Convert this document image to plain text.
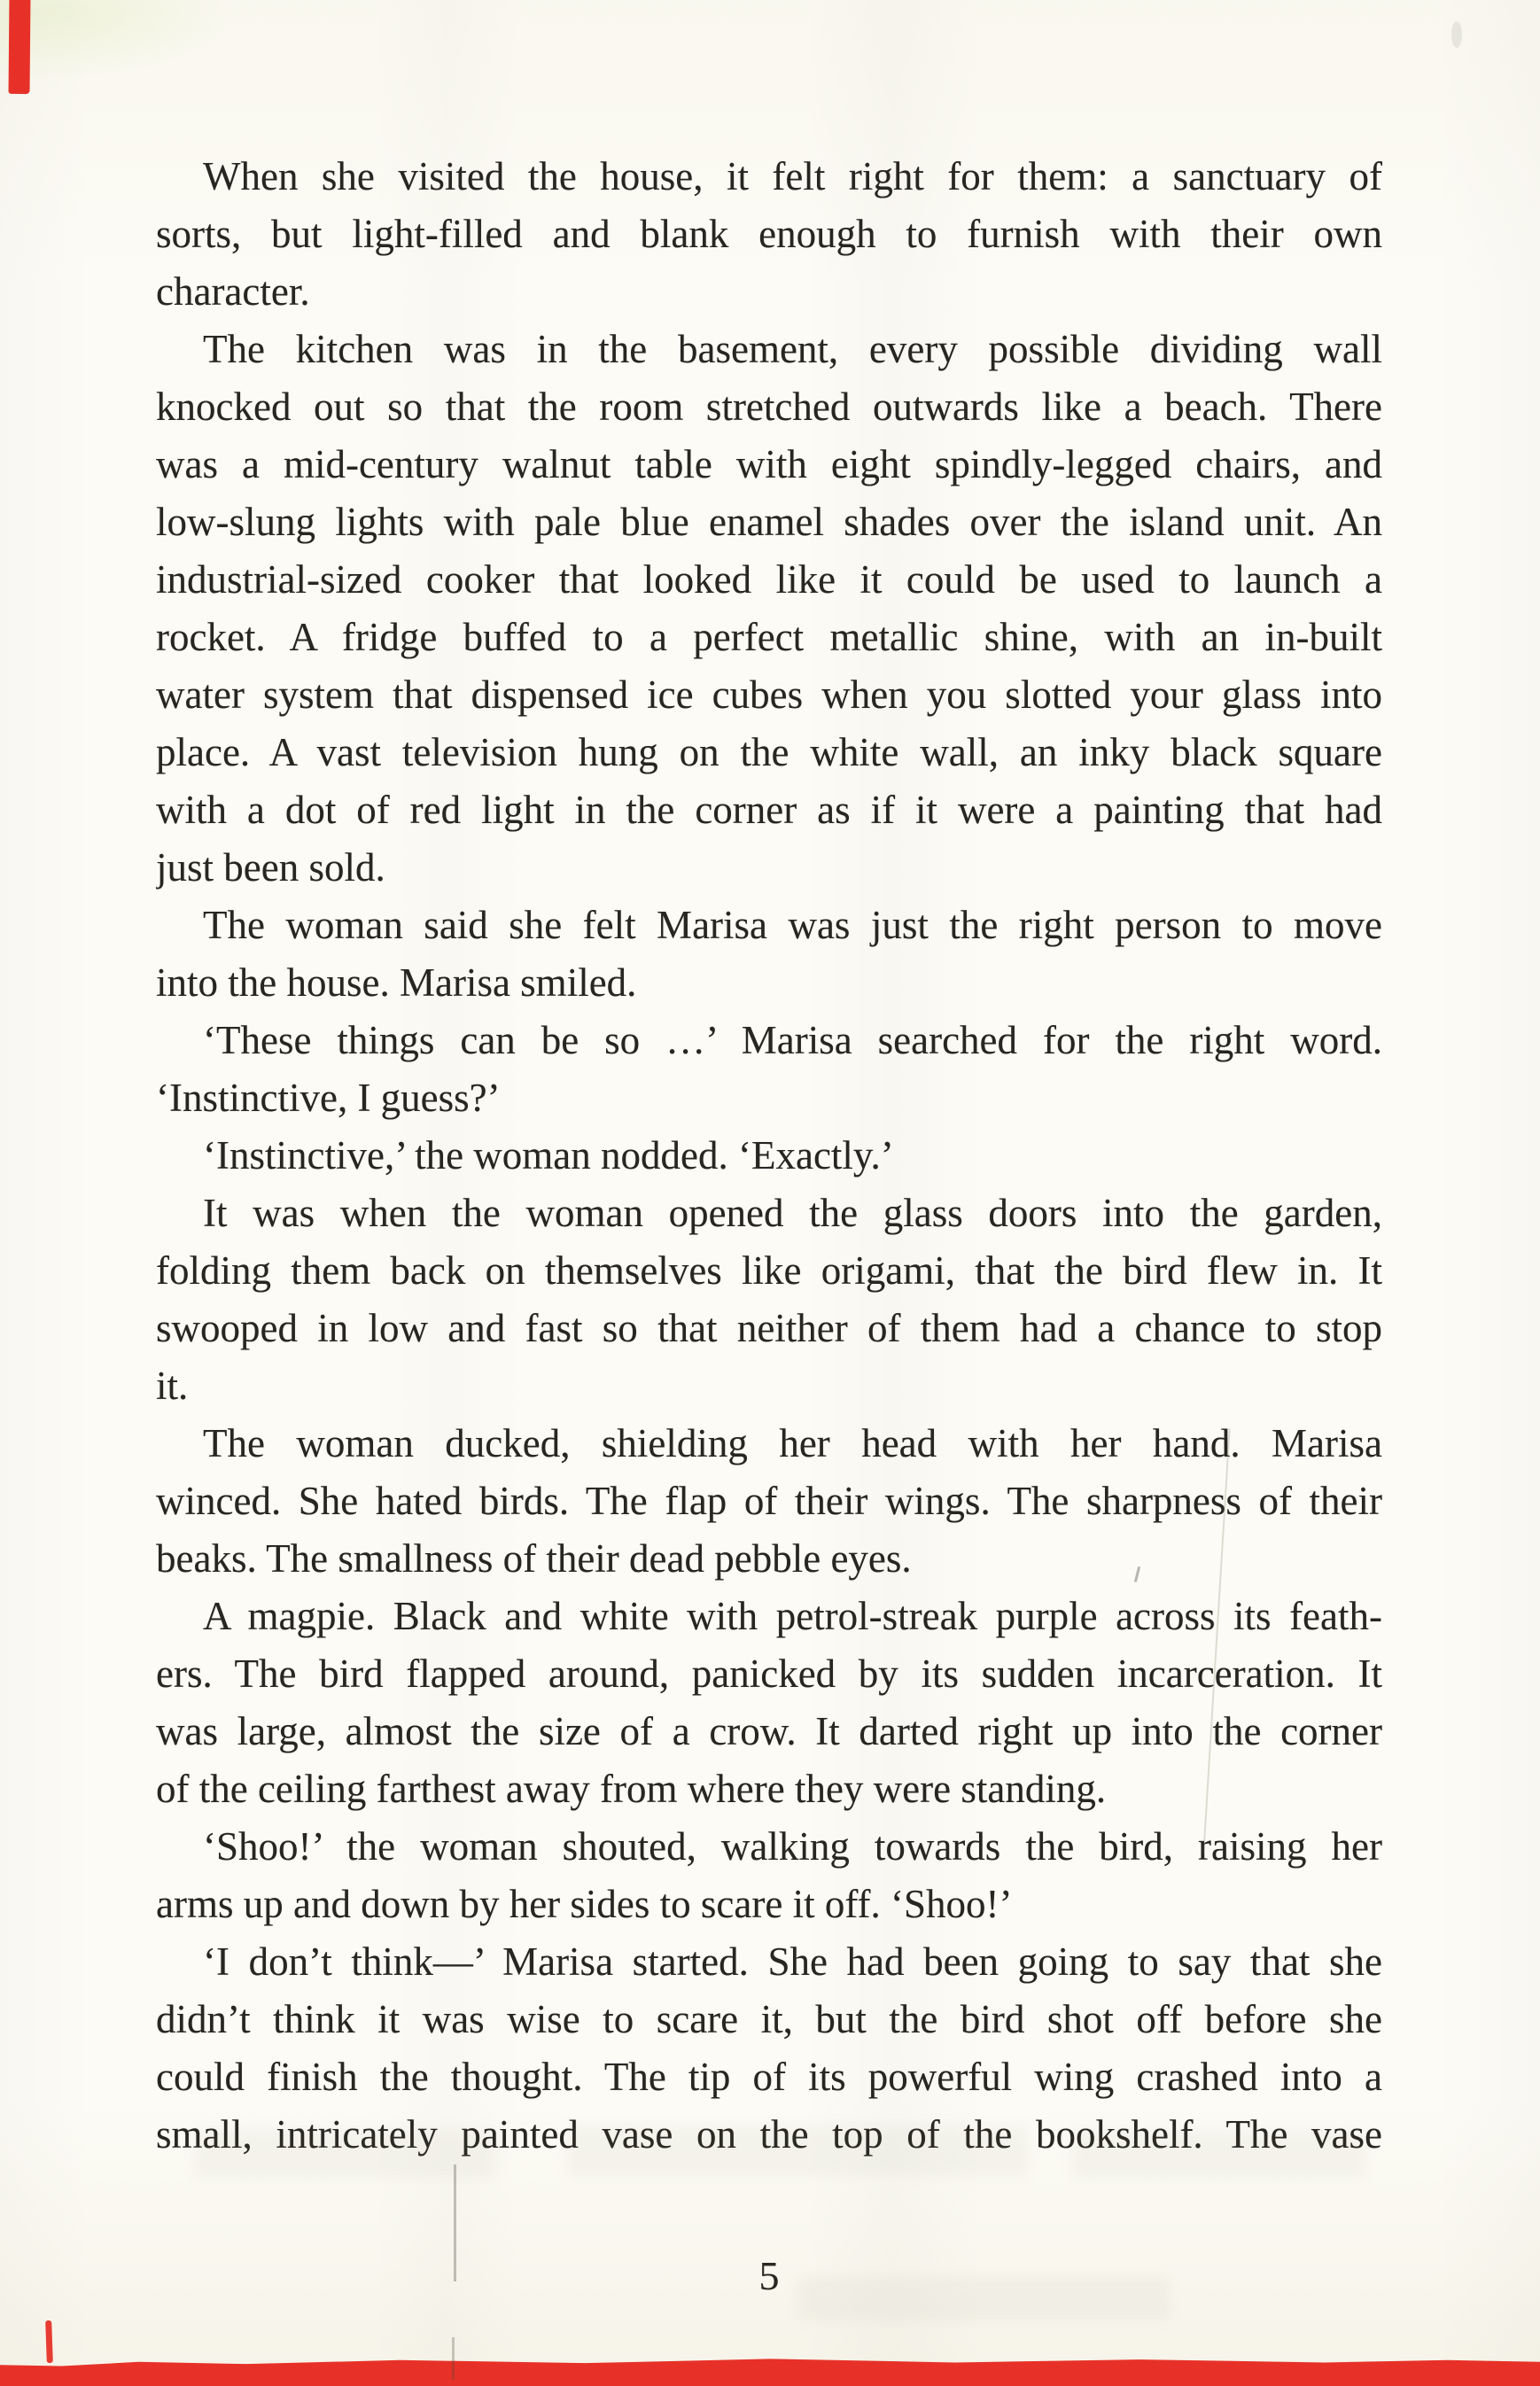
When she visited the house, it felt right for them: a sanctuary of
sorts, but light-filled and blank enough to furnish with their own
character.
The kitchen was in the basement, every possible dividing wall
knocked out so that the room stretched outwards like a beach. There
was a mid-century walnut table with eight spindly-legged chairs, and
low-slung lights with pale blue enamel shades over the island unit. An
industrial-sized cooker that looked like it could be used to launch a
rocket. A fridge buffed to a perfect metallic shine, with an in-built
water system that dispensed ice cubes when you slotted your glass into
place. A vast television hung on the white wall, an inky black square
with a dot of red light in the corner as if it were a painting that had
just been sold.
The woman said she felt Marisa was just the right person to move
into the house. Marisa smiled.
‘These things can be so …’ Marisa searched for the right word.
‘Instinctive, I guess?’
‘Instinctive,’ the woman nodded. ‘Exactly.’
It was when the woman opened the glass doors into the garden,
folding them back on themselves like origami, that the bird flew in. It
swooped in low and fast so that neither of them had a chance to stop
it.
The woman ducked, shielding her head with her hand. Marisa
winced. She hated birds. The flap of their wings. The sharpness of their
beaks. The smallness of their dead pebble eyes.
A magpie. Black and white with petrol-streak purple across its feath-
ers. The bird flapped around, panicked by its sudden incarceration. It
was large, almost the size of a crow. It darted right up into the corner
of the ceiling farthest away from where they were standing.
‘Shoo!’ the woman shouted, walking towards the bird, raising her
arms up and down by her sides to scare it off. ‘Shoo!’
‘I don’t think—’ Marisa started. She had been going to say that she
didn’t think it was wise to scare it, but the bird shot off before she
could finish the thought. The tip of its powerful wing crashed into a
small, intricately painted vase on the top of the bookshelf. The vase
5
